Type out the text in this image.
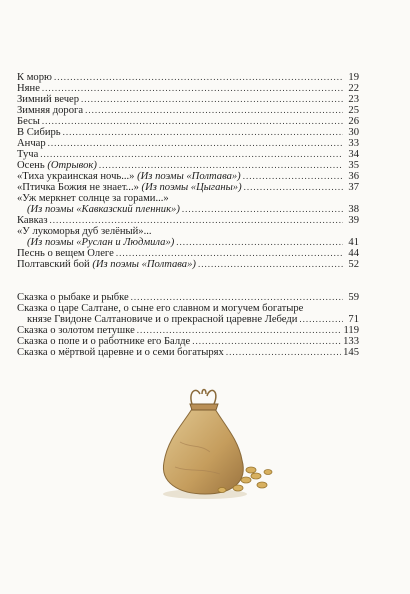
К морю .....	19
Няне .....	22
Зимний вечер .....	23
Зимняя дорога .....	25
Бесы .....	26
В Сибирь .....	30
Анчар .....	33
Туча .....	34
Осень (Отрывок) .....	35
«Тиха украинская ночь...» (Из поэмы «Полтава») .....	36
«Птичка Божия не знает...» (Из поэмы «Цыганы») .....	37
«Уж меркнет солнце за горами...»
(Из поэмы «Кавказский пленник») .....	38
Кавказ .....	39
«У лукоморья дуб зелёный»...
(Из поэмы «Руслан и Людмила») .....	41
Песнь о вещем Олеге .....	44
Полтавский бой (Из поэмы «Полтава») .....	52
Сказка о рыбаке и рыбке .....	59
Сказка о царе Салтане, о сыне его славном и могучем богатыре
князе Гвидоне Салтановиче и о прекрасной царевне Лебеди .....	71
Сказка о золотом петушке .....	119
Сказка о попе и о работнике его Балде .....	133
Сказка о мёртвой царевне и о семи богатырях .....	145
